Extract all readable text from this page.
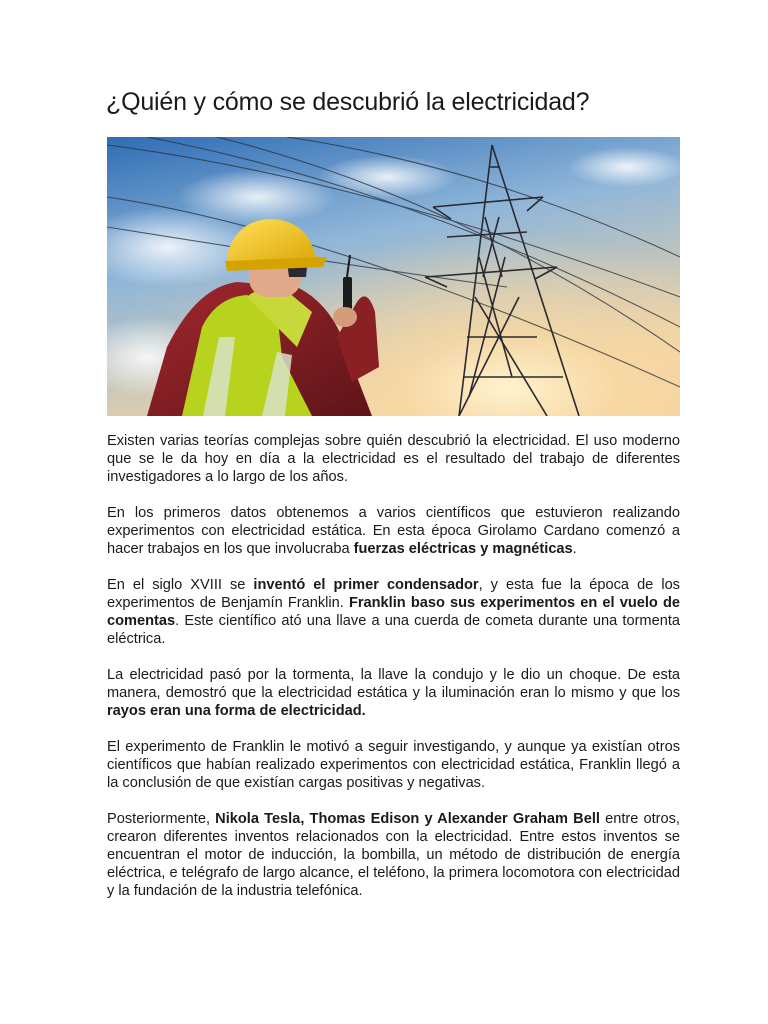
¿Quién y cómo se descubrió la electricidad?

Existen varias teorías complejas sobre quién descubrió la electricidad. El uso moderno que se le da hoy en día a la electricidad es el resultado del trabajo de diferentes investigadores a lo largo de los años.

En los primeros datos obtenemos a varios científicos que estuvieron realizando experimentos con electricidad estática. En esta época Girolamo Cardano comenzó a hacer trabajos en los que involucraba fuerzas eléctricas y magnéticas.

En el siglo XVIII se inventó el primer condensador, y esta fue la época de los experimentos de Benjamín Franklin. Franklin baso sus experimentos en el vuelo de comentas. Este científico ató una llave a una cuerda de cometa durante una tormenta eléctrica.

La electricidad pasó por la tormenta, la llave la condujo y le dio un choque. De esta manera, demostró que la electricidad estática y la iluminación eran lo mismo y que los rayos eran una forma de electricidad.

El experimento de Franklin le motivó a seguir investigando, y aunque ya existían otros científicos que habían realizado experimentos con electricidad estática, Franklin llegó a la conclusión de que existían cargas positivas y negativas.

Posteriormente, Nikola Tesla, Thomas Edison y Alexander Graham Bell entre otros, crearon diferentes inventos relacionados con la electricidad. Entre estos inventos se encuentran el motor de inducción, la bombilla, un método de distribución de energía eléctrica, e telégrafo de largo alcance, el teléfono, la primera locomotora con electricidad y la fundación de la industria telefónica.
